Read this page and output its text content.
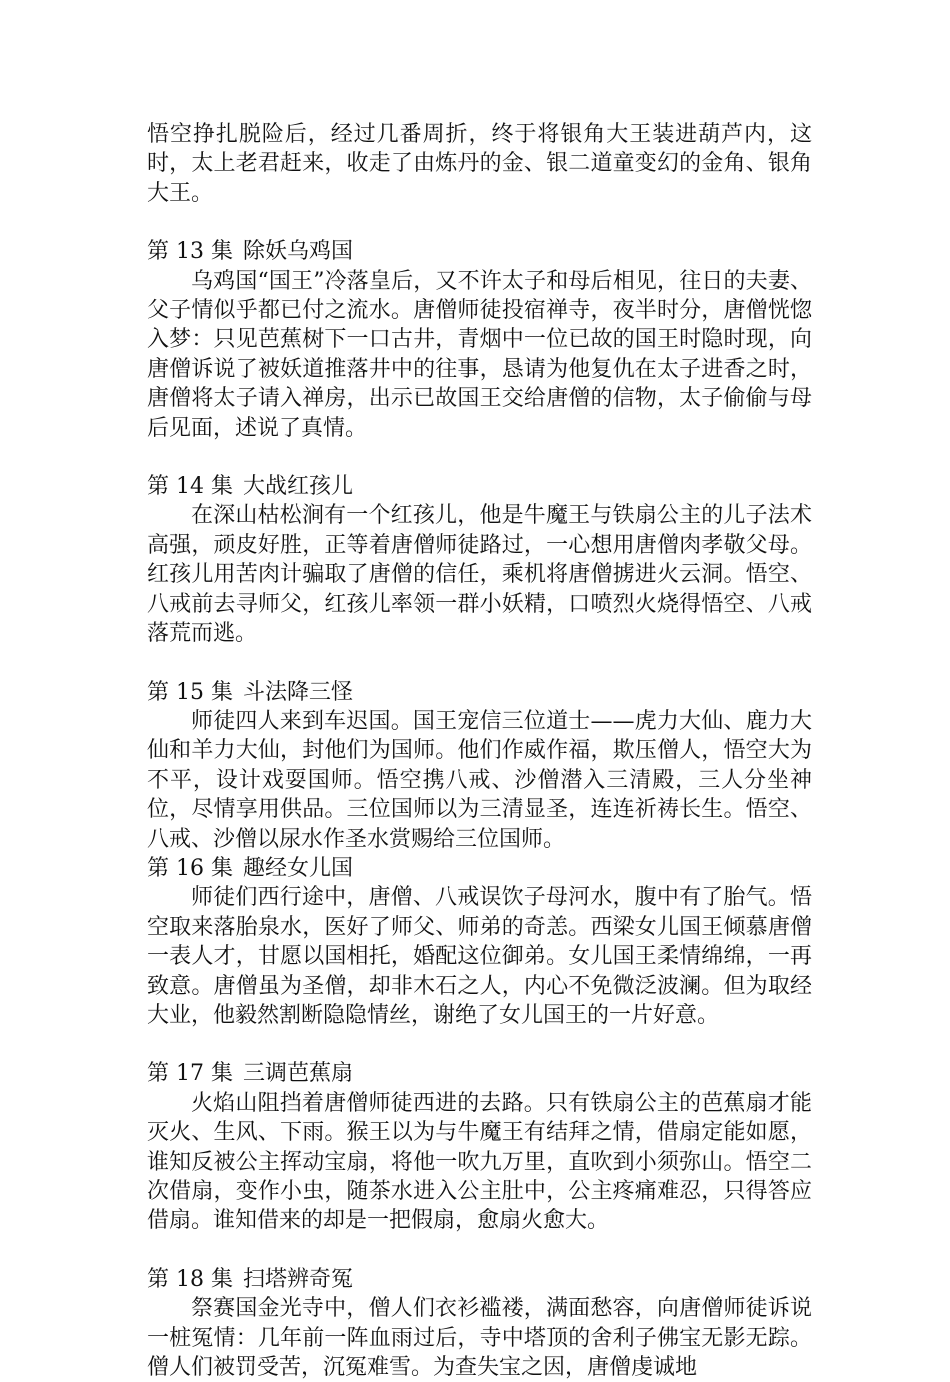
悟空挣扎脱险后，经过几番周折，终于将银角大王装进葫芦内，这时，太上老君赶来，收走了由炼丹的金、银二道童变幻的金角、银角大王。

第 13 集 除妖乌鸡国

乌鸡国“国王”冷落皇后，又不许太子和母后相见，往日的夫妻、父子情似乎都已付之流水。唐僧师徒投宿禅寺，夜半时分，唐僧恍惚入梦：只见芭蕉树下一口古井，青烟中一位已故的国王时隐时现，向唐僧诉说了被妖道推落井中的往事，恳请为他复仇在太子进香之时，唐僧将太子请入禅房，出示已故国王交给唐僧的信物，太子偷偷与母后见面，述说了真情。

第 14 集 大战红孩儿

在深山枯松涧有一个红孩儿，他是牛魔王与铁扇公主的儿子法术高强，顽皮好胜，正等着唐僧师徒路过，一心想用唐僧肉孝敬父母。红孩儿用苦肉计骗取了唐僧的信任，乘机将唐僧掳进火云洞。悟空、八戒前去寻师父，红孩儿率领一群小妖精，口喷烈火烧得悟空、八戒落荒而逃。

第 15 集 斗法降三怪

师徒四人来到车迟国。国王宠信三位道士——虎力大仙、鹿力大仙和羊力大仙，封他们为国师。他们作威作福，欺压僧人，悟空大为不平，设计戏耍国师。悟空携八戒、沙僧潜入三清殿，三人分坐神位，尽情享用供品。三位国师以为三清显圣，连连祈祷长生。悟空、八戒、沙僧以尿水作圣水赏赐给三位国师。

第 16 集 趣经女儿国

师徒们西行途中，唐僧、八戒误饮子母河水，腹中有了胎气。悟空取来落胎泉水，医好了师父、师弟的奇恙。西梁女儿国王倾慕唐僧一表人才，甘愿以国相托，婚配这位御弟。女儿国王柔情绵绵，一再致意。唐僧虽为圣僧，却非木石之人，内心不免微泛波澜。但为取经大业，他毅然割断隐隐情丝，谢绝了女儿国王的一片好意。

第 17 集 三调芭蕉扇

火焰山阻挡着唐僧师徒西进的去路。只有铁扇公主的芭蕉扇才能灭火、生风、下雨。猴王以为与牛魔王有结拜之情，借扇定能如愿，谁知反被公主挥动宝扇，将他一吹九万里，直吹到小须弥山。悟空二次借扇，变作小虫，随茶水进入公主肚中，公主疼痛难忍，只得答应借扇。谁知借来的却是一把假扇，愈扇火愈大。

第 18 集 扫塔辨奇冤

祭赛国金光寺中，僧人们衣衫褴褛，满面愁容，向唐僧师徒诉说一桩冤情：几年前一阵血雨过后，寺中塔顶的舍利子佛宝无影无踪。僧人们被罚受苦，沉冤难雪。为查失宝之因，唐僧虔诚地
